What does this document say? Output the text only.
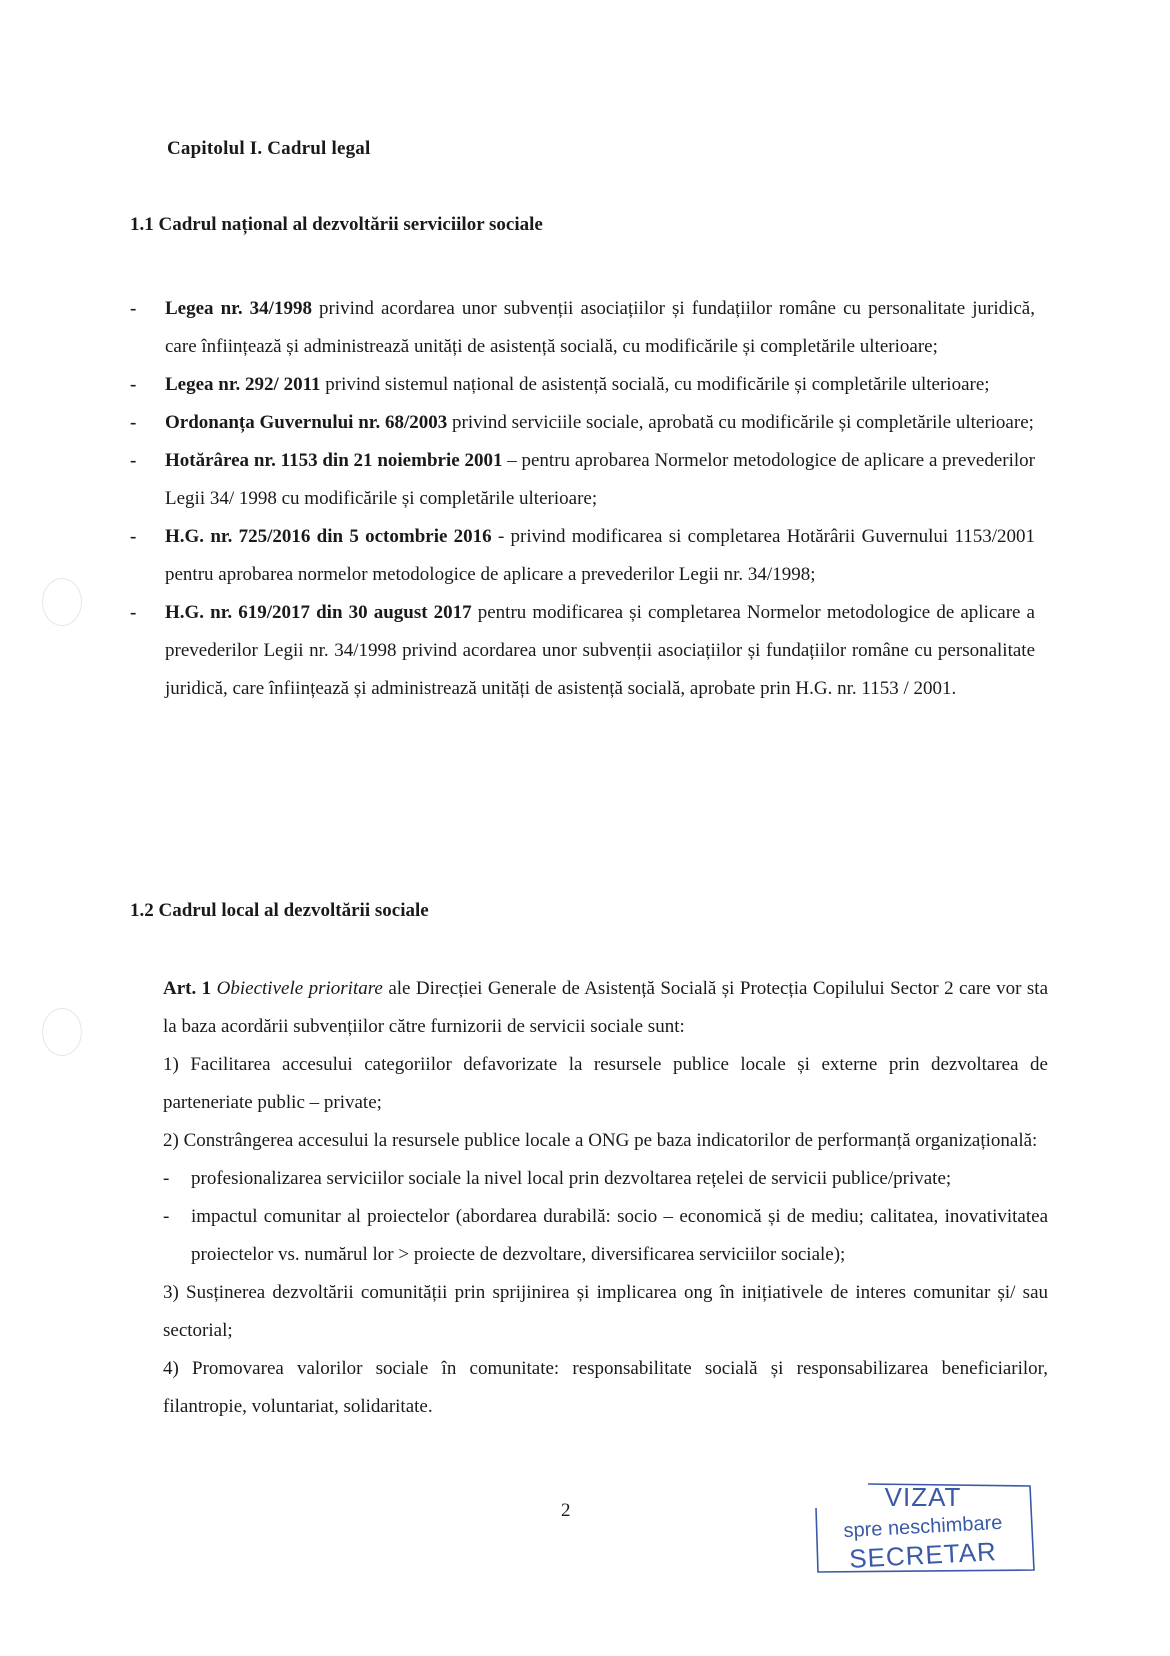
Capitolul I. Cadrul legal
1.1 Cadrul național al dezvoltării serviciilor sociale
- Legea nr. 34/1998 privind acordarea unor subvenții asociațiilor și fundațiilor române cu personalitate juridică, care înființează și administrează unități de asistență socială, cu modificările și completările ulterioare;
- Legea nr. 292/ 2011 privind sistemul național de asistență socială, cu modificările și completările ulterioare;
- Ordonanța Guvernului nr. 68/2003 privind serviciile sociale, aprobată cu modificările și completările ulterioare;
- Hotărârea nr. 1153 din 21 noiembrie 2001 – pentru aprobarea Normelor metodologice de aplicare a prevederilor Legii 34/ 1998 cu modificările și completările ulterioare;
- H.G. nr. 725/2016 din 5 octombrie 2016 - privind modificarea si completarea Hotărârii Guvernului 1153/2001 pentru aprobarea normelor metodologice de aplicare a prevederilor Legii nr. 34/1998;
- H.G. nr. 619/2017 din 30 august 2017 pentru modificarea și completarea Normelor metodologice de aplicare a prevederilor Legii nr. 34/1998 privind acordarea unor subvenții asociațiilor și fundațiilor române cu personalitate juridică, care înființează și administrează unități de asistență socială, aprobate prin H.G. nr. 1153 / 2001.
1.2 Cadrul local al dezvoltării sociale

Art. 1 Obiectivele prioritare ale Direcției Generale de Asistență Socială și Protecția Copilului Sector 2 care vor sta la baza acordării subvențiilor către furnizorii de servicii sociale sunt:

1) Facilitarea accesului categoriilor defavorizate la resursele publice locale și externe prin dezvoltarea de parteneriate public – private;

2) Constrângerea accesului la resursele publice locale a ONG pe baza indicatorilor de performanță organizațională:

- profesionalizarea serviciilor sociale la nivel local prin dezvoltarea rețelei de servicii publice/private;

- impactul comunitar al proiectelor (abordarea durabilă: socio – economică și de mediu; calitatea, inovativitatea proiectelor vs. numărul lor > proiecte de dezvoltare, diversificarea serviciilor sociale);

3) Susținerea dezvoltării comunității prin sprijinirea și implicarea ong în inițiativele de interes comunitar și/ sau sectorial;

4) Promovarea valorilor sociale în comunitate: responsabilitate socială și responsabilizarea beneficiarilor, filantropie, voluntariat, solidaritate.

2	VIZAT
spre neschimbare
SECRETAR
